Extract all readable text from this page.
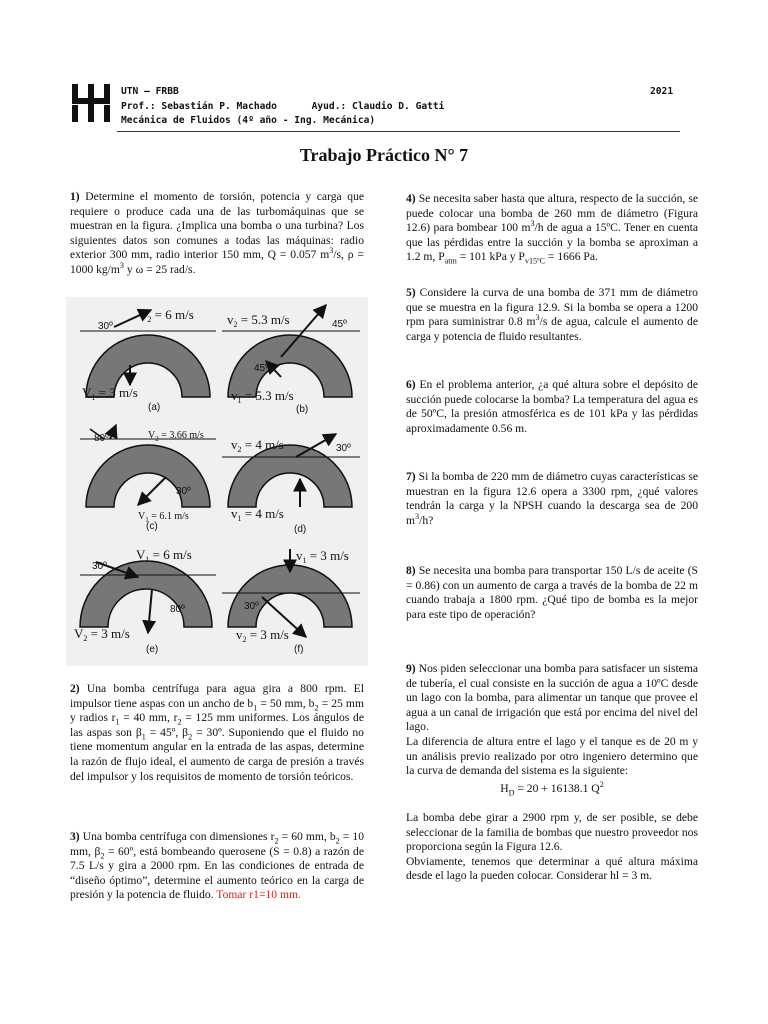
UTN – FRBB
Prof.: Sebastián P. Machado	Ayud.: Claudio D. Gatti
Mecánica de Fluidos (4º año - Ing. Mecánica)
2021
Trabajo Práctico N° 7
1) Determine el momento de torsión, potencia y carga que requiere o produce cada una de las turbomáquinas que se muestran en la figura. ¿Implica una bomba o una turbina? Los siguientes datos son comunes a todas las máquinas: radio exterior 300 mm, radio interior 150 mm, Q = 0.057 $m^3/s$, ρ = 1000 $kg/m^3$ y ω = 25 rad/s.
$V_2 = 6$ m/s
30º
$V_1 = 3$ m/s
(a)
$v_2 = 5.3$ m/s	45º
45º
$v_1 = 5.3$ m/s
(b)
$V_2 = 3.66$ m/s
80º
30º
$V_1 = 6.1$ m/s
(c)
$v_2 = 4$ m/s	30º
$v_1 = 4$ m/s
(d)
$V_1 = 6$ m/s
30º
80º
$V_2 = 3$ m/s
(e)
$v_1 = 3$ m/s
30º
$v_2 = 3$ m/s
(f)
2) Una bomba centrífuga para agua gira a 800 rpm. El impulsor tiene aspas con un ancho de $b_1 = 50$ mm, $b_2 = 25$ mm y radios $r_1 = 40$ mm, $r_2 = 125$ mm uniformes. Los ángulos de las aspas son $\beta_1$ = 45º, $\beta_2$ = 30º. Suponiendo que el fluido no tiene momentum angular en la entrada de las aspas, determine la razón de flujo ideal, el aumento de carga de presión a través del impulsor y los requisitos de momento de torsión teóricos.
3) Una bomba centrífuga con dimensiones $r_2 = 60$ mm, $b_2 = 10$ mm, $\beta_2$ = 60º, está bombeando querosene (S = 0.8) a razón de 7.5 L/s y gira a 2000 rpm. En las condiciones de entrada de “diseño óptimo”, determine el aumento teórico en la carga de presión y la potencia de fluido. Tomar r1=10 mm.
4) Se necesita saber hasta que altura, respecto de la succión, se puede colocar una bomba de 260 mm de diámetro (Figura 12.6) para bombear 100 $m^3/h$ de agua a 15ºC. Tener en cuenta que las pérdidas entre la succión y la bomba se aproximan a 1.2 m, $P_{atm} = 101$ kPa y $P_{v15ºC} = 1666$ Pa.
5) Considere la curva de una bomba de 371 mm de diámetro que se muestra en la figura 12.9. Si la bomba se opera a 1200 rpm para suministrar 0.8 $m^3/s$ de agua, calcule el aumento de carga y potencia de fluido resultantes.
6) En el problema anterior, ¿a qué altura sobre el depósito de succión puede colocarse la bomba? La temperatura del agua es de 50ºC, la presión atmosférica es de 101 kPa y las pérdidas aproximadamente 0.56 m.
7) Si la bomba de 220 mm de diámetro cuyas características se muestran en la figura 12.6 opera a 3300 rpm, ¿qué valores tendrán la carga y la NPSH cuando la descarga sea de 200 $m^3/h$?
8) Se necesita una bomba para transportar 150 L/s de aceite (S = 0.86) con un aumento de carga a través de la bomba de 22 m cuando trabaja a 1800 rpm. ¿Qué tipo de bomba es la mejor para este tipo de operación?
9) Nos piden seleccionar una bomba para satisfacer un sistema de tubería, el cual consiste en la succión de agua a 10ºC desde un lago con la bomba, para alimentar un tanque que provee el agua a un canal de irrigación que está por encima del nivel del lago.
La diferencia de altura entre el lago y el tanque es de 20 m y un análisis previo realizado por otro ingeniero determino que la curva de demanda del sistema es la siguiente:
$H_D = 20 + 16138.1$ $Q^2$
La bomba debe girar a 2900 rpm y, de ser posible, se debe seleccionar de la familia de bombas que nuestro proveedor nos proporciona según la Figura 12.6.
Obviamente, tenemos que determinar a qué altura máxima desde el lago la pueden colocar. Considerar hl = 3 m.
